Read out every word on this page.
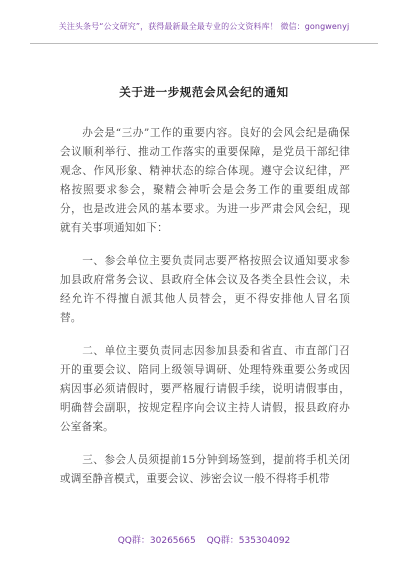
关注头条号“公文研究”，获得最新最全最专业的公文资料库！ 微信：gongwenyj
关于进一步规范会风会纪的通知

办会是“三办”工作的重要内容。良好的会风会纪是确保会议顺利举行、推动工作落实的重要保障，是党员干部纪律观念、作风形象、精神状态的综合体现。遵守会议纪律，严格按照要求参会，聚精会神听会是会务工作的重要组成部分，也是改进会风的基本要求。为进一步严肃会风会纪，现就有关事项通知如下：

一、参会单位主要负责同志要严格按照会议通知要求参加县政府常务会议、县政府全体会议及各类全县性会议，未经允许不得擅自派其他人员替会，更不得安排他人冒名顶替。

二、单位主要负责同志因参加县委和省直、市直部门召开的重要会议、陪同上级领导调研、处理特殊重要公务或因病因事必须请假时，要严格履行请假手续，说明请假事由，明确替会副职，按规定程序向会议主持人请假，报县政府办公室备案。

三、参会人员须提前15分钟到场签到，提前将手机关闭或调至静音模式，重要会议、涉密会议一般不得将手机带

QQ群：30265665 QQ群：535304092
